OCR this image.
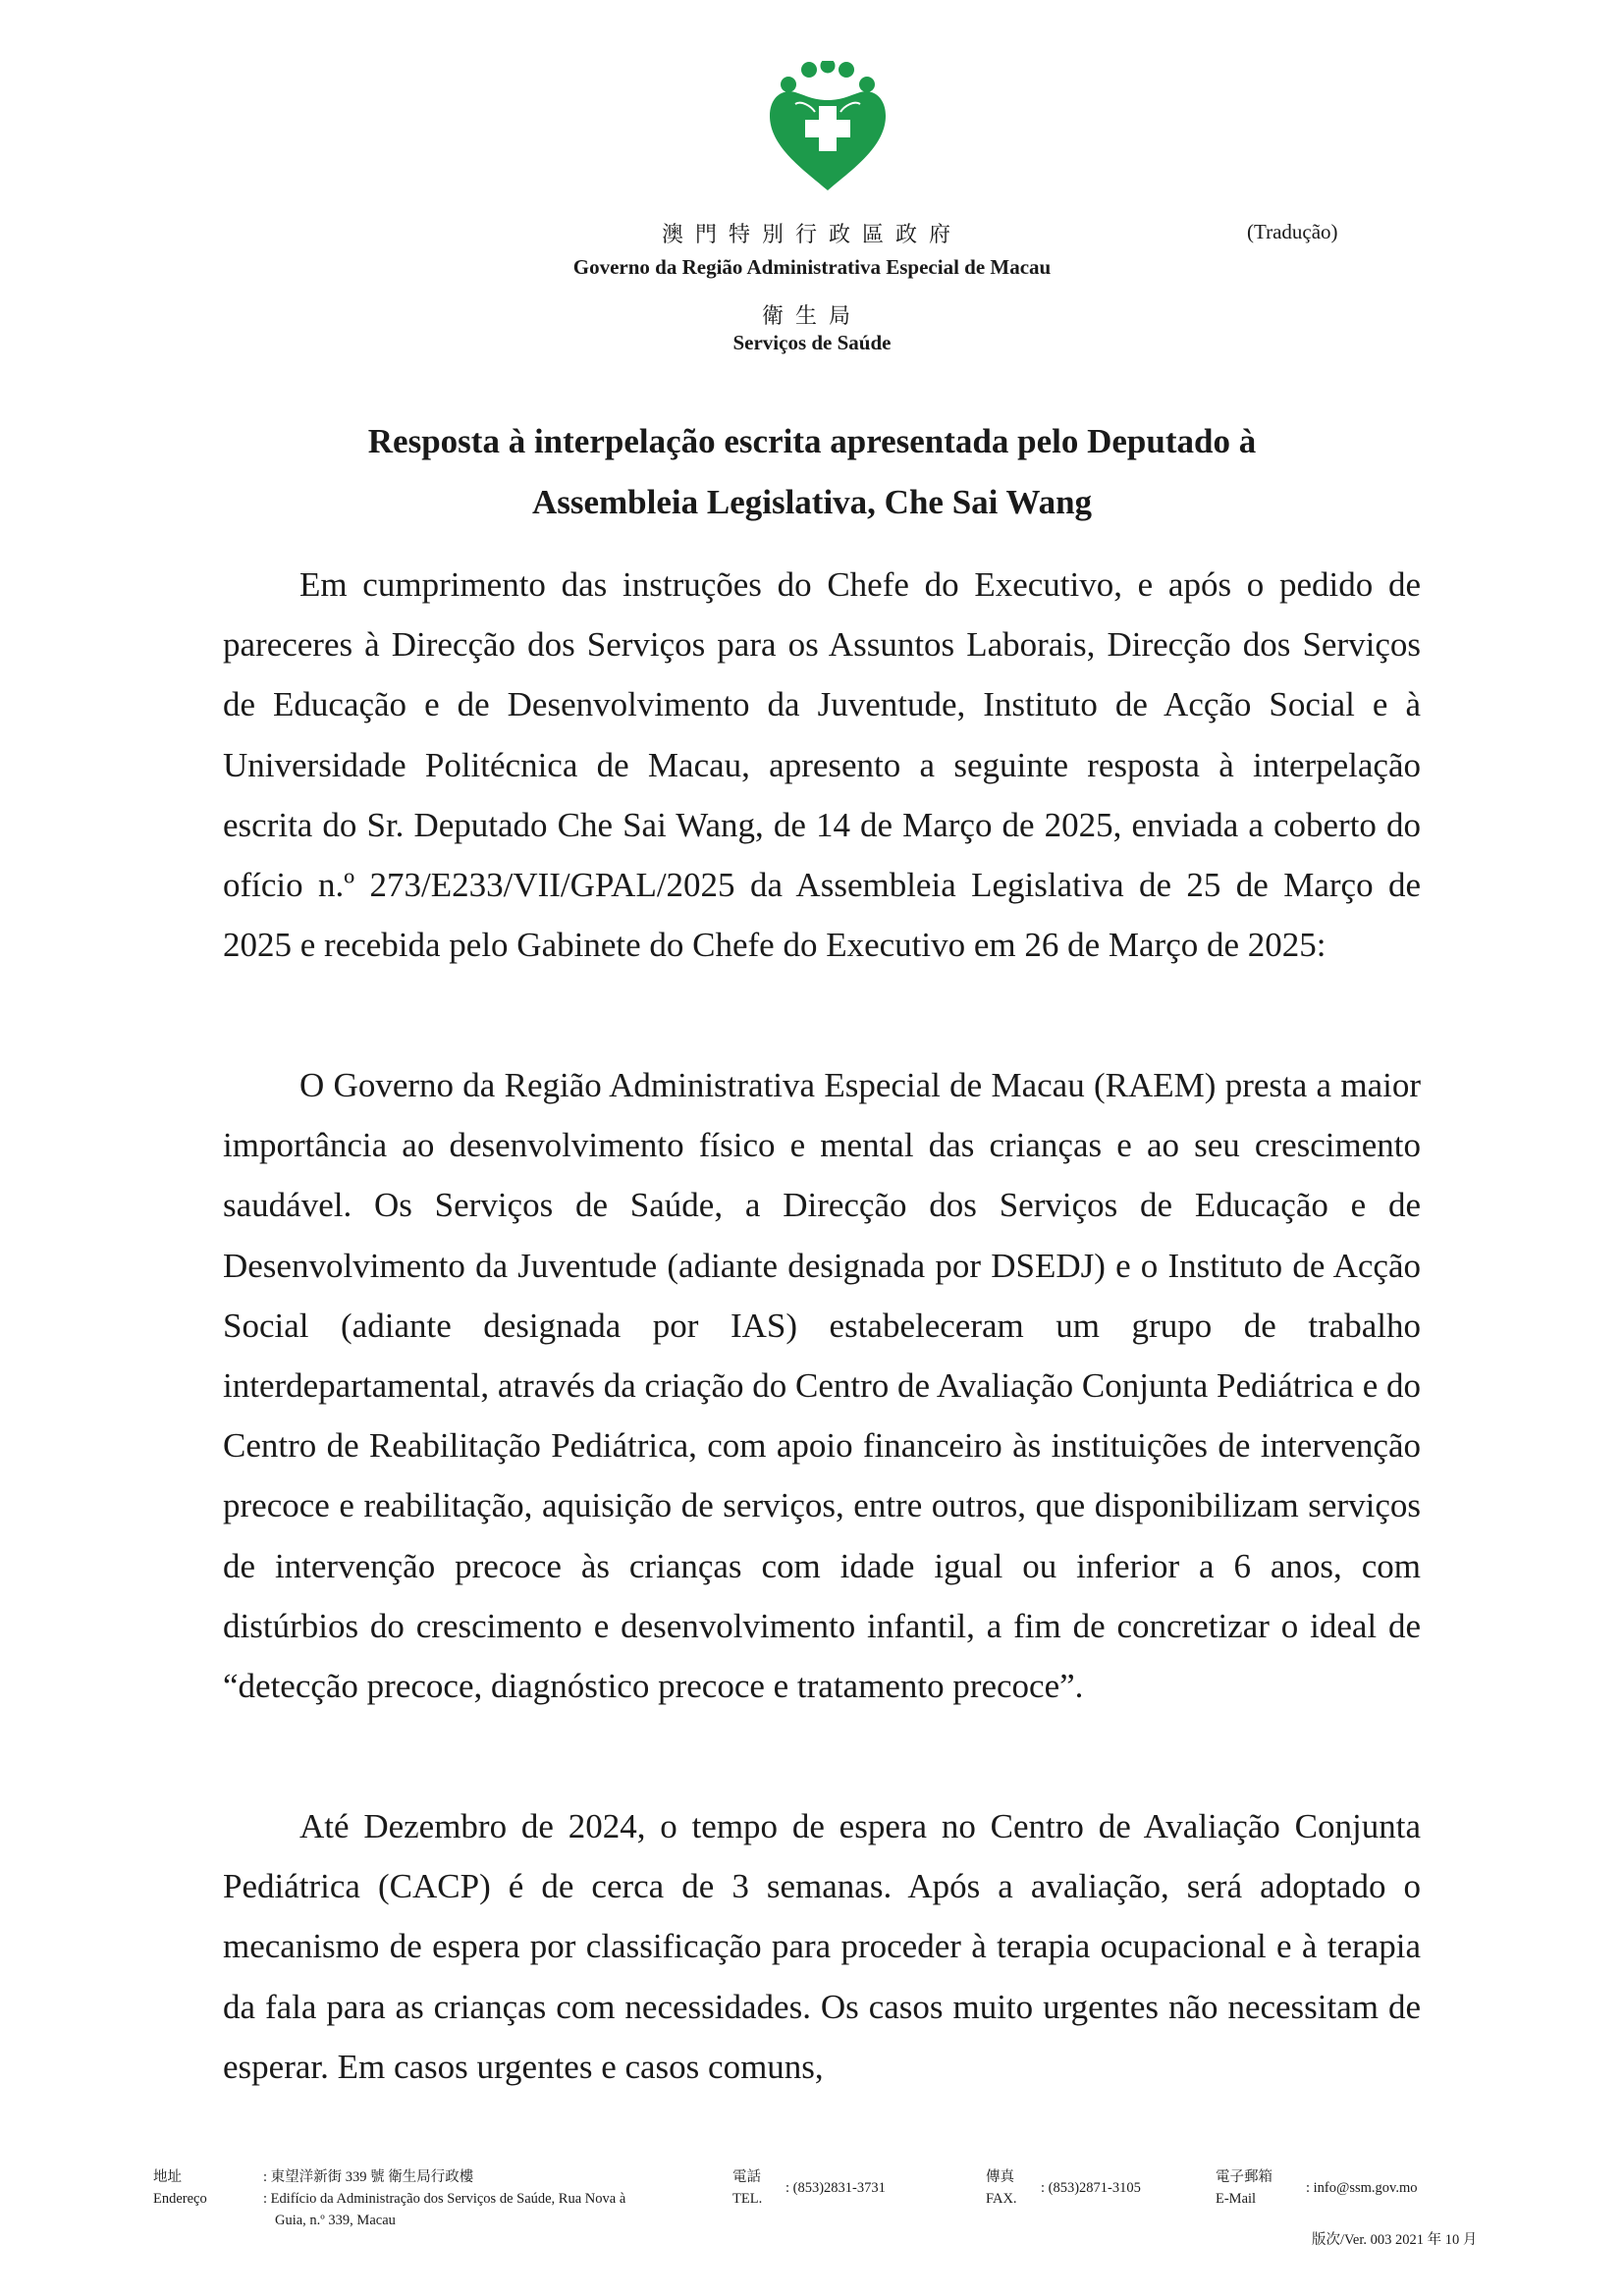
澳門特別行政區政府
Governo da Região Administrativa Especial de Macau
衛生局
Serviços de Saúde
(Tradução)
Resposta à interpelação escrita apresentada pelo Deputado à
Assembleia Legislativa, Che Sai Wang

Em cumprimento das instruções do Chefe do Executivo, e após o pedido de pareceres à Direcção dos Serviços para os Assuntos Laborais, Direcção dos Serviços de Educação e de Desenvolvimento da Juventude, Instituto de Acção Social e à Universidade Politécnica de Macau, apresento a seguinte resposta à interpelação escrita do Sr. Deputado Che Sai Wang, de 14 de Março de 2025, enviada a coberto do ofício n.º 273/E233/VII/GPAL/2025 da Assembleia Legislativa de 25 de Março de 2025 e recebida pelo Gabinete do Chefe do Executivo em 26 de Março de 2025:

O Governo da Região Administrativa Especial de Macau (RAEM) presta a maior importância ao desenvolvimento físico e mental das crianças e ao seu crescimento saudável. Os Serviços de Saúde, a Direcção dos Serviços de Educação e de Desenvolvimento da Juventude (adiante designada por DSEDJ) e o Instituto de Acção Social (adiante designada por IAS) estabeleceram um grupo de trabalho interdepartamental, através da criação do Centro de Avaliação Conjunta Pediátrica e do Centro de Reabilitação Pediátrica, com apoio financeiro às instituições de intervenção precoce e reabilitação, aquisição de serviços, entre outros, que disponibilizam serviços de intervenção precoce às crianças com idade igual ou inferior a 6 anos, com distúrbios do crescimento e desenvolvimento infantil, a fim de concretizar o ideal de “detecção precoce, diagnóstico precoce e tratamento precoce”.

Até Dezembro de 2024, o tempo de espera no Centro de Avaliação Conjunta Pediátrica (CACP) é de cerca de 3 semanas. Após a avaliação, será adoptado o mecanismo de espera por classificação para proceder à terapia ocupacional e à terapia da fala para as crianças com necessidades. Os casos muito urgentes não necessitam de esperar. Em casos urgentes e casos comuns,

地址
Endereço
: 東望洋新街 339 號 衛生局行政樓
: Edifício da Administração dos Serviços de Saúde, Rua Nova à
Guia, n.º 339, Macau
電話
TEL.
: (853)2831-3731
傳真
FAX.
: (853)2871-3105
電子郵箱
E-Mail
: info@ssm.gov.mo
版次/Ver. 003 2021 年 10 月
